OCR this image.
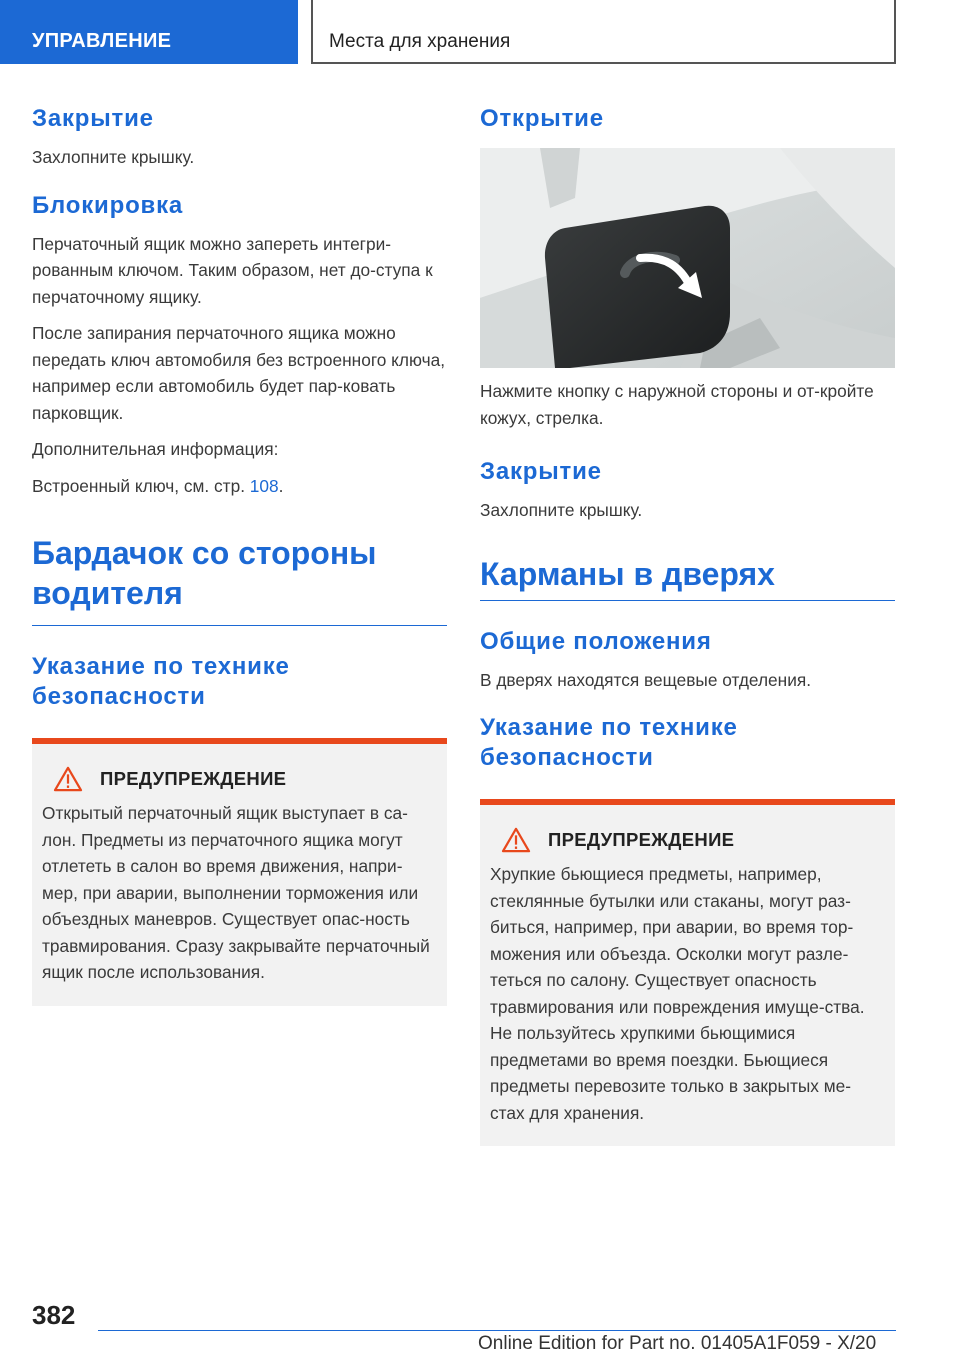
УПРАВЛЕНИЕ	Места для хранения
Закрытие

Захлопните крышку.

Блокировка

Перчаточный ящик можно запереть интегри-рованным ключом. Таким образом, нет до-ступа к перчаточному ящику.

После запирания перчаточного ящика можно передать ключ автомобиля без встроенного ключа, например если автомобиль будет пар-ковать парковщик.

Дополнительная информация:

Встроенный ключ, см. стр. 108.

Бардачок со стороны водителя
Указание по технике безопасности
ПРЕДУПРЕЖДЕНИЕ

Открытый перчаточный ящик выступает в са-лон. Предметы из перчаточного ящика могут отлететь в салон во время движения, напри-мер, при аварии, выполнении торможения или объездных маневров. Существует опас-ность травмирования. Сразу закрывайте перчаточный ящик после использования.

Открытие

Нажмите кнопку с наружной стороны и от-кройте кожух, стрелка.

Закрытие

Захлопните крышку.

Карманы в дверях
Общие положения

В дверях находятся вещевые отделения.

Указание по технике безопасности
ПРЕДУПРЕЖДЕНИЕ

Хрупкие бьющиеся предметы, например, стеклянные бутылки или стаканы, могут раз-биться, например, при аварии, во время тор-можения или объезда. Осколки могут разле-теться по салону. Существует опасность травмирования или повреждения имуще-ства. Не пользуйтесь хрупкими бьющимися предметами во время поездки. Бьющиеся предметы перевозите только в закрытых ме-стах для хранения.

382
Online Edition for Part no. 01405A1F059 - X/20
